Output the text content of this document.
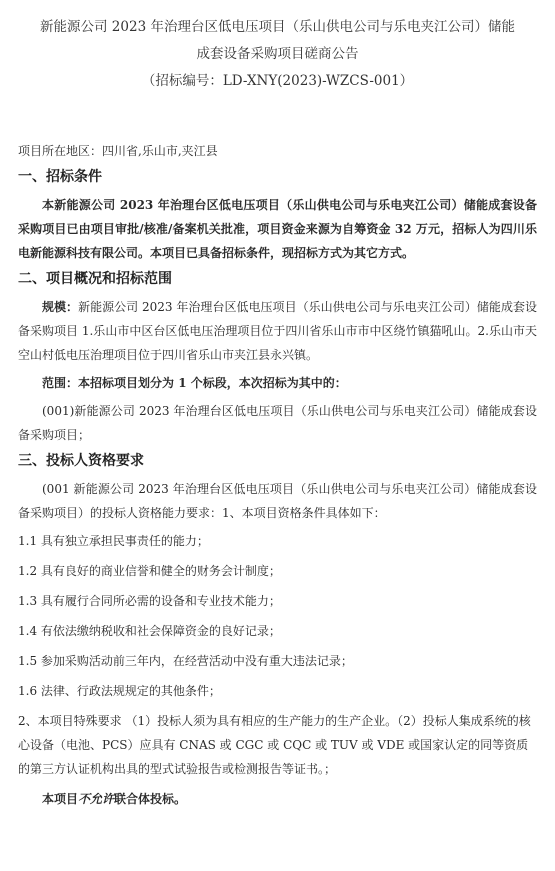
新能源公司 2023 年治理台区低电压项目（乐山供电公司与乐电夹江公司）储能
成套设备采购项目磋商公告
（招标编号：LD-XNY(2023)-WZCS-001）
项目所在地区：四川省,乐山市,夹江县
一、招标条件

本新能源公司 2023 年治理台区低电压项目（乐山供电公司与乐电夹江公司）储能成套设备采购项目已由项目审批/核准/备案机关批准，项目资金来源为自筹资金 32 万元，招标人为四川乐电新能源科技有限公司。本项目已具备招标条件，现招标方式为其它方式。

二、项目概况和招标范围

规模：新能源公司 2023 年治理台区低电压项目（乐山供电公司与乐电夹江公司）储能成套设备采购项目 1.乐山市中区台区低电压治理项目位于四川省乐山市市中区绕竹镇猫吼山。2.乐山市天空山村低电压治理项目位于四川省乐山市夹江县永兴镇。

范围：本招标项目划分为 1 个标段，本次招标为其中的：

(001)新能源公司 2023 年治理台区低电压项目（乐山供电公司与乐电夹江公司）储能成套设备采购项目；

三、投标人资格要求

(001 新能源公司 2023 年治理台区低电压项目（乐山供电公司与乐电夹江公司）储能成套设备采购项目）的投标人资格能力要求：1、本项目资格条件具体如下：

1.1 具有独立承担民事责任的能力；

1.2 具有良好的商业信誉和健全的财务会计制度；

1.3 具有履行合同所必需的设备和专业技术能力；

1.4 有依法缴纳税收和社会保障资金的良好记录；

1.5 参加采购活动前三年内，在经营活动中没有重大违法记录；

1.6 法律、行政法规规定的其他条件；

2、本项目特殊要求 （1）投标人须为具有相应的生产能力的生产企业。（2）投标人集成系统的核心设备（电池、PCS）应具有 CNAS 或 CGC 或 CQC 或 TUV 或 VDE 或国家认定的同等资质的第三方认证机构出具的型式试验报告或检测报告等证书。；

本项目不允许联合体投标。
